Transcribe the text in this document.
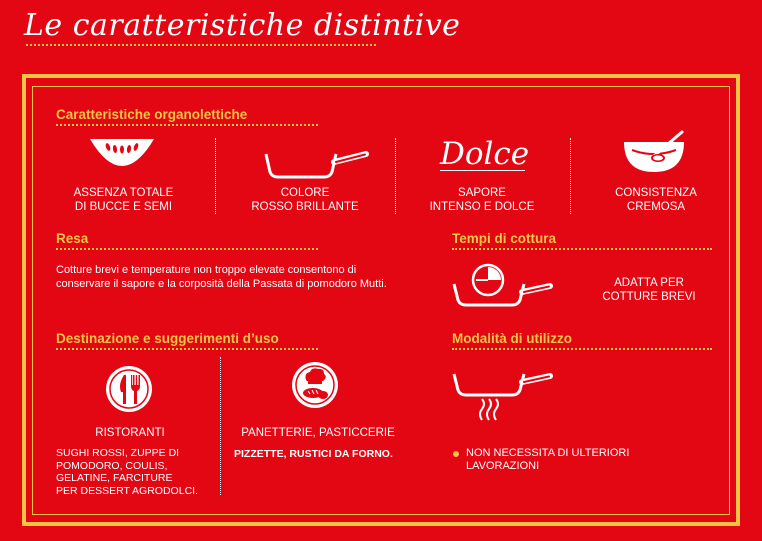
Le caratteristiche distintive
Caratteristiche organolettiche
ASSENZA TOTALE
DI BUCCE E SEMI
COLORE
ROSSO BRILLANTE
Dolce
SAPORE
INTENSO E DOLCE
CONSISTENZA
CREMOSA
Resa
Cotture brevi e temperature non troppo elevate consentono di
conservare il sapore e la corposità della Passata di pomodoro Mutti.
Tempi di cottura
ADATTA PER
COTTURE BREVI
Destinazione e suggerimenti d’uso
RISTORANTI
SUGHI ROSSI, ZUPPE DI
POMODORO, COULIS,
GELATINE, FARCITURE
PER DESSERT AGRODOLCI.
PANETTERIE, PASTICCERIE
PIZZETTE, RUSTICI DA FORNO.
Modalità di utilizzo
NON NECESSITA DI ULTERIORI
LAVORAZIONI
